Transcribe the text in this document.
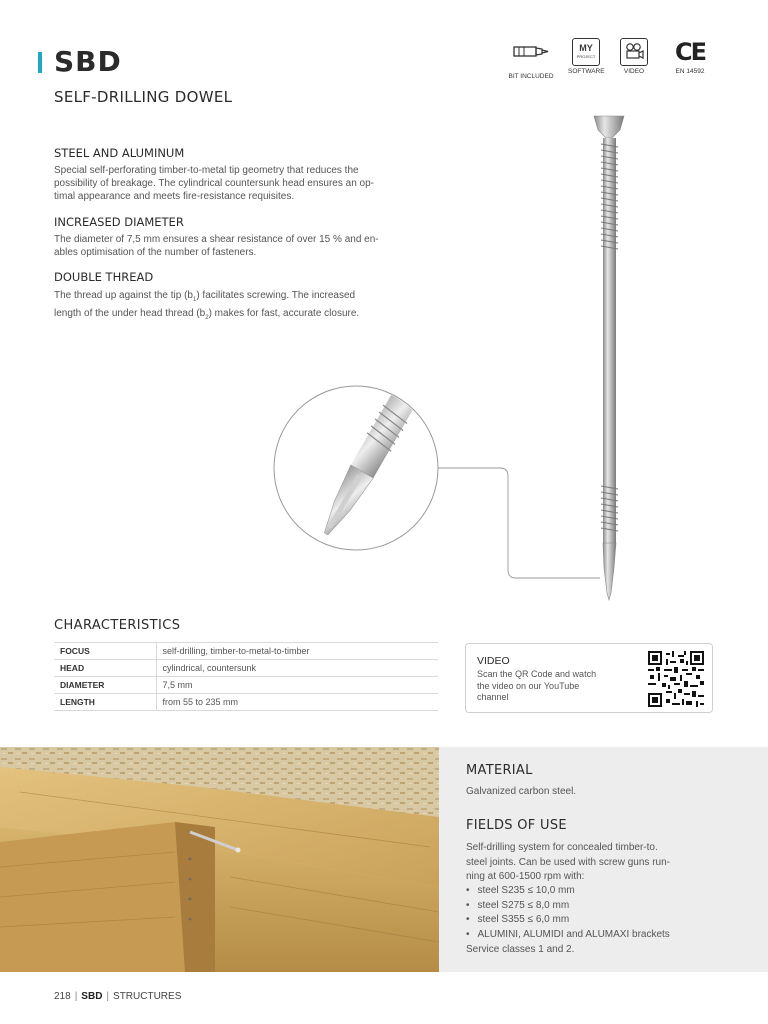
SBD
SELF-DRILLING DOWEL
BIT INCLUDED
MY
PROJECT
SOFTWARE	VIDEO
CE
EN 14592
STEEL AND ALUMINUM
Special self-perforating timber-to-metal tip geometry that reduces the
possibility of breakage. The cylindrical countersunk head ensures an op-
timal appearance and meets fire-resistance requisites.
INCREASED DIAMETER
The diameter of 7,5 mm ensures a shear resistance of over 15 % and en-
ables optimisation of the number of fasteners.
DOUBLE THREAD
The thread up against the tip $(b_1)$ facilitates screwing. The increased
length of the under head thread $(b_2)$ makes for fast, accurate closure.
CHARACTERISTICS
FOCUS	self-drilling, timber-to-metal-to-timber
HEAD	cylindrical, countersunk
DIAMETER	7,5 mm
LENGTH	from 55 to 235 mm
VIDEO
Scan the QR Code and watch
the video on our YouTube
channel
MATERIAL
Galvanized carbon steel.
FIELDS OF USE
Self-drilling system for concealed timber-to.
steel joints. Can be used with screw guns run-
ning at 600-1500 rpm with:
• steel S235 ≤ 10,0 mm
• steel S275 ≤ 8,0 mm
• steel S355 ≤ 6,0 mm
• ALUMINI, ALUMIDI and ALUMAXI brackets
Service classes 1 and 2.
218 | SBD | STRUCTURES
